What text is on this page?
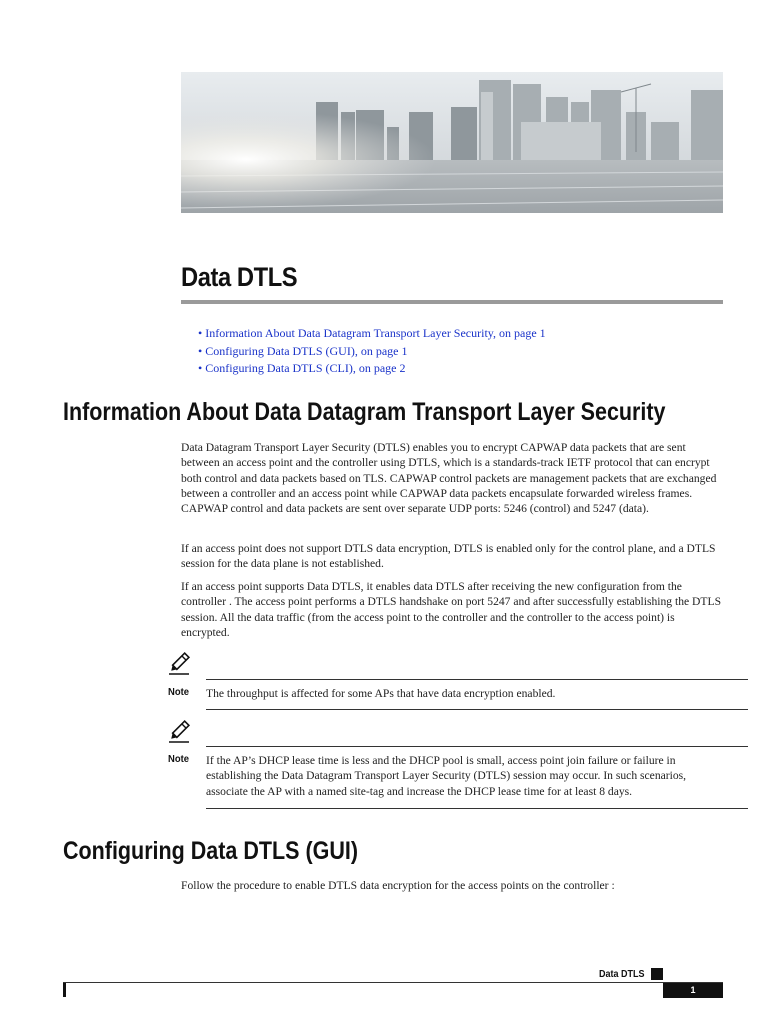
Data DTLS
• Information About Data Datagram Transport Layer Security, on page 1
• Configuring Data DTLS (GUI), on page 1
• Configuring Data DTLS (CLI), on page 2
Information About Data Datagram Transport Layer Security
Data Datagram Transport Layer Security (DTLS) enables you to encrypt CAPWAP data packets that are sent between an access point and the controller using DTLS, which is a standards-track IETF protocol that can encrypt both control and data packets based on TLS. CAPWAP control packets are management packets that are exchanged between a controller and an access point while CAPWAP data packets encapsulate forwarded wireless frames. CAPWAP control and data packets are sent over separate UDP ports: 5246 (control) and 5247 (data).
If an access point does not support DTLS data encryption, DTLS is enabled only for the control plane, and a DTLS session for the data plane is not established.
If an access point supports Data DTLS, it enables data DTLS after receiving the new configuration from the controller . The access point performs a DTLS handshake on port 5247 and after successfully establishing the DTLS session. All the data traffic (from the access point to the controller and the controller to the access point) is encrypted.
Note The throughput is affected for some APs that have data encryption enabled.
Note If the AP’s DHCP lease time is less and the DHCP pool is small, access point join failure or failure in establishing the Data Datagram Transport Layer Security (DTLS) session may occur. In such scenarios, associate the AP with a named site-tag and increase the DHCP lease time for at least 8 days.
Configuring Data DTLS (GUI)
Follow the procedure to enable DTLS data encryption for the access points on the controller :
Data DTLS
1
